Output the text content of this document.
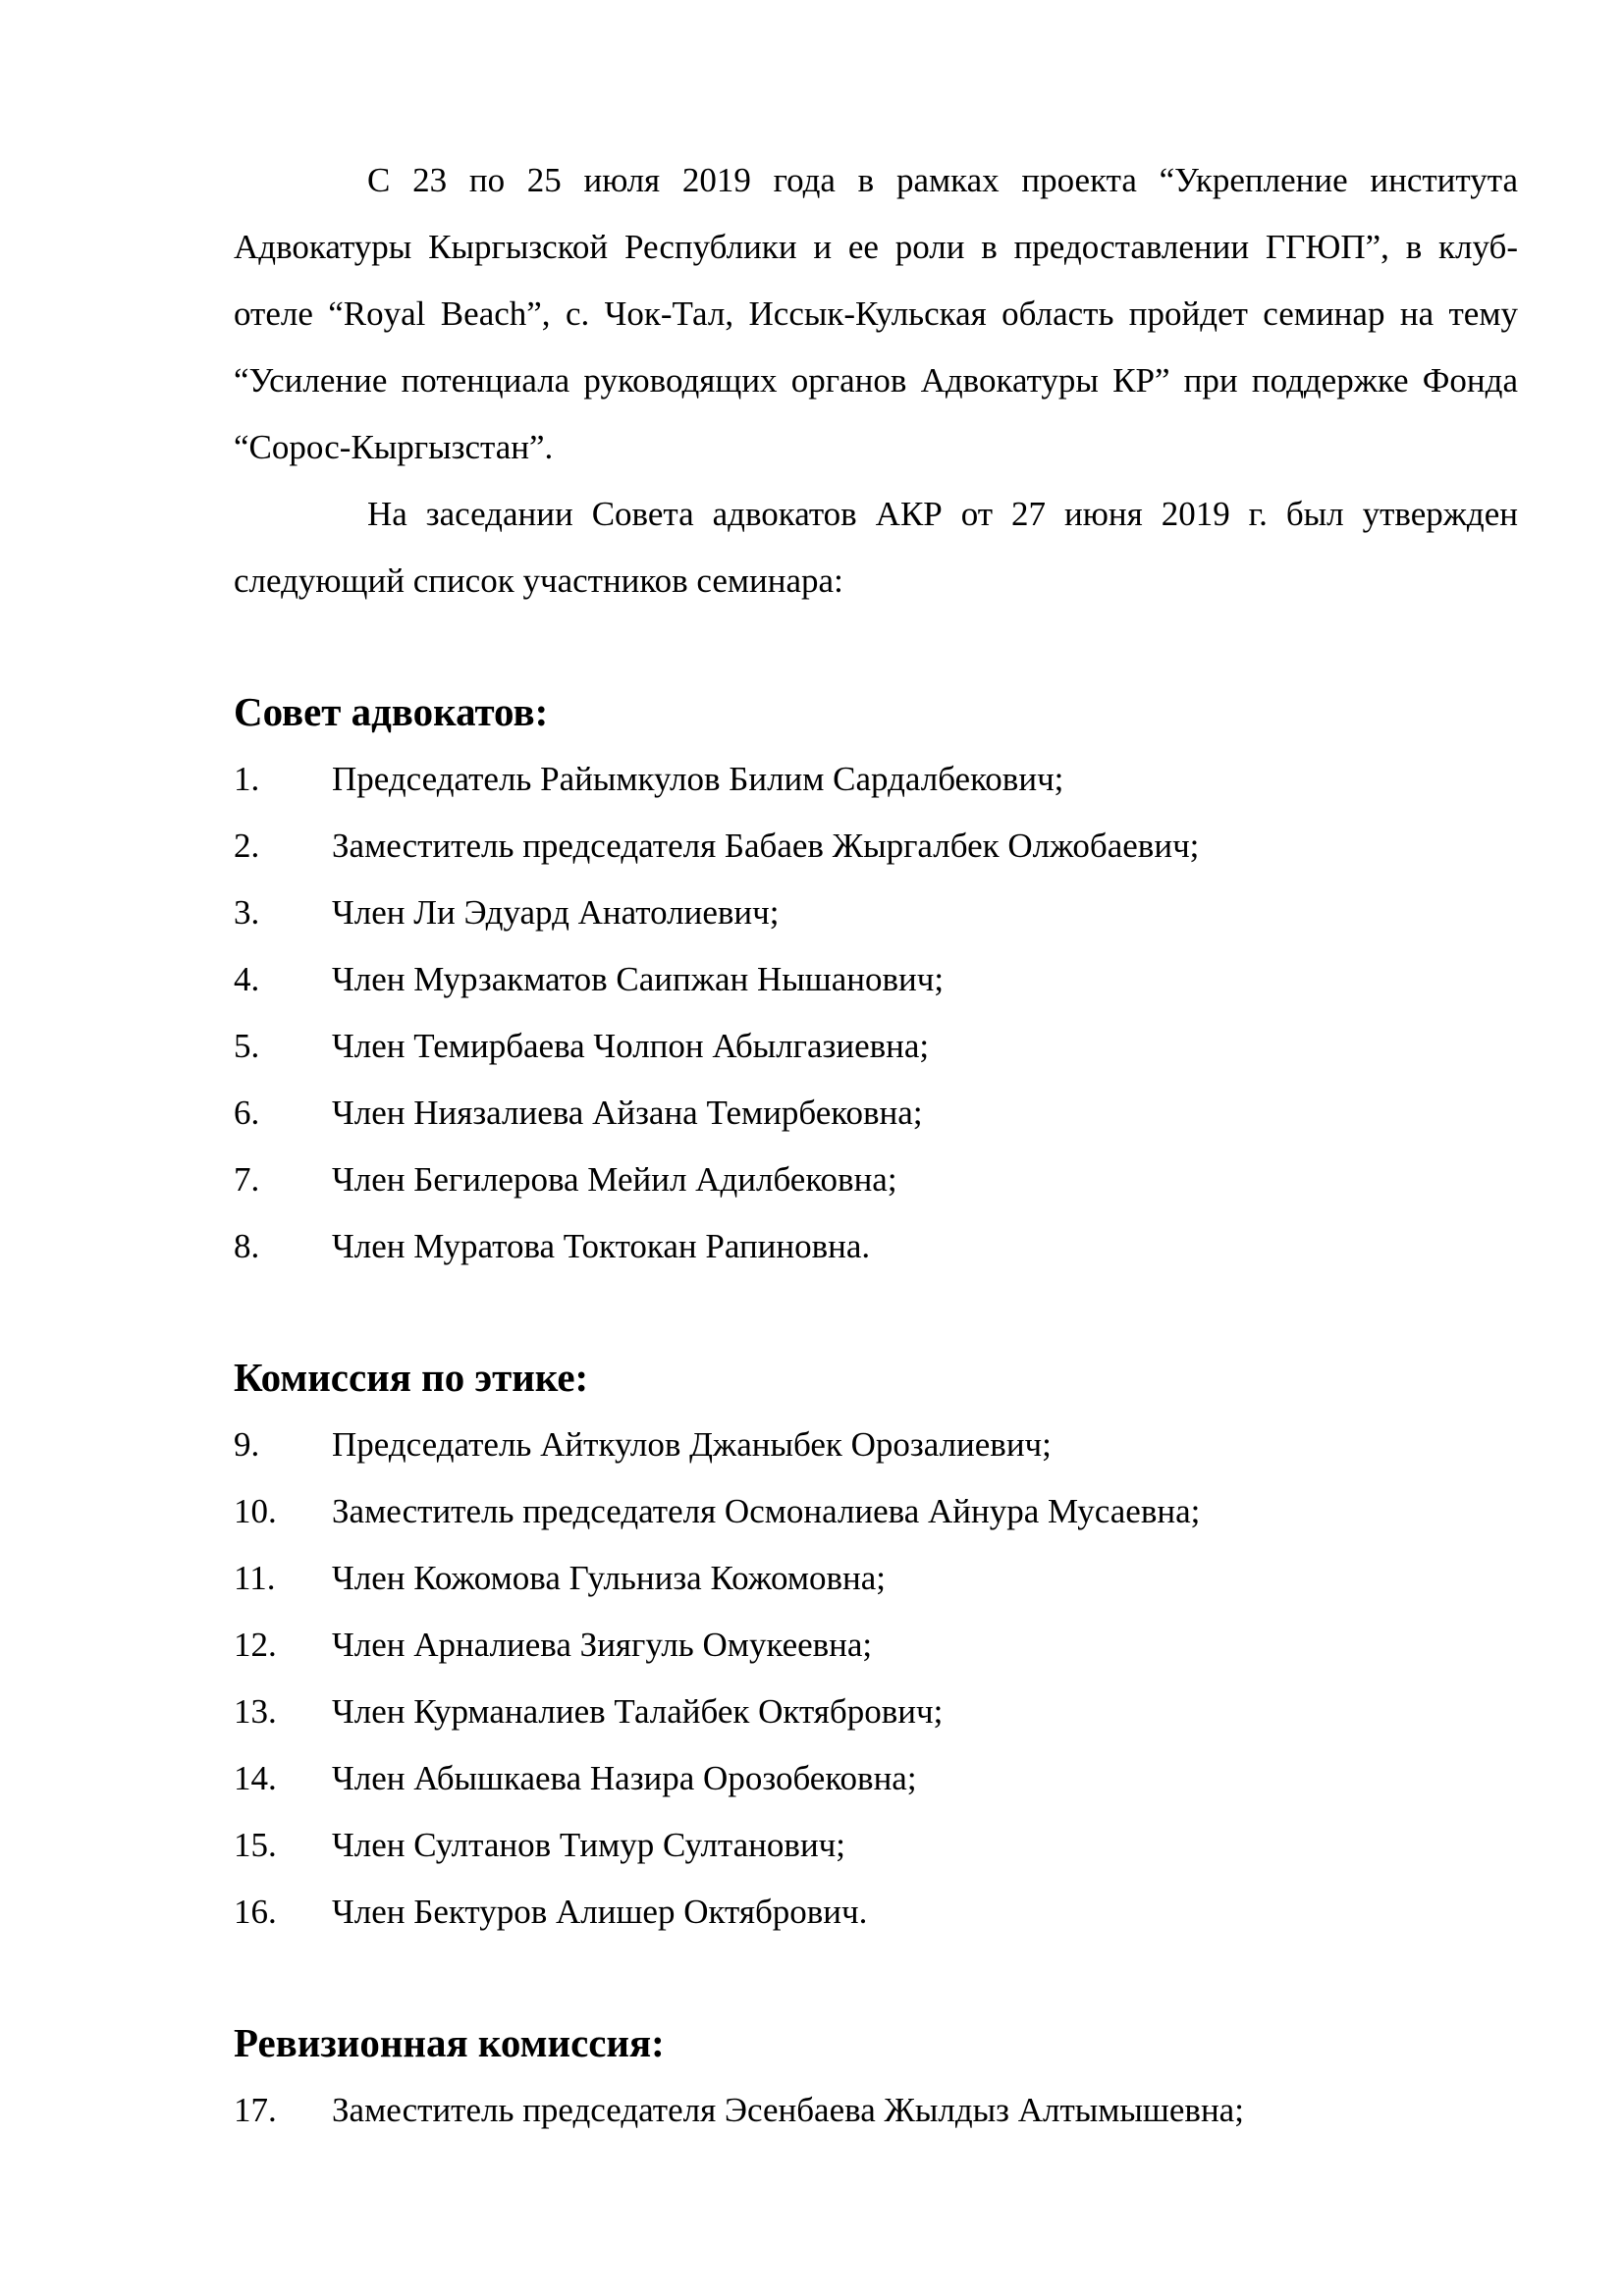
С 23 по 25 июля 2019 года в рамках проекта “Укрепление института Адвокатуры Кыргызской Республики и ее роли в предоставлении ГГЮП”, в клуб-отеле “Royal Beach”, с. Чок-Тал, Иссык-Кульская область пройдет семинар на тему “Усиление потенциала руководящих органов Адвокатуры КР” при поддержке Фонда “Сорос-Кыргызстан”.

На заседании Совета адвокатов АКР от 27 июня 2019 г. был утвержден следующий список участников семинара:

Совет адвокатов:
1.	Председатель Райымкулов Билим Сардалбекович;
2.	Заместитель председателя Бабаев Жыргалбек Олжобаевич;
3.	Член Ли Эдуард Анатолиевич;
4.	Член Мурзакматов Саипжан Нышанович;
5.	Член Темирбаева Чолпон Абылгазиевна;
6.	Член Ниязалиева Айзана Темирбековна;
7.	Член Бегилерова Мейил Адилбековна;
8.	Член Муратова Токтокан Рапиновна.
Комиссия по этике:
9.	Председатель Айткулов Джаныбек Орозалиевич;
10.	Заместитель председателя Осмоналиева Айнура Мусаевна;
11.	Член Кожомова Гульниза Кожомовна;
12.	Член Арналиева Зиягуль Омукеевна;
13.	Член Курманалиев Талайбек Октябрович;
14.	Член Абышкаева Назира Орозобековна;
15.	Член Султанов Тимур Султанович;
16.	Член Бектуров Алишер Октябрович.
Ревизионная комиссия:
17.	Заместитель председателя Эсенбаева Жылдыз Алтымышевна;
